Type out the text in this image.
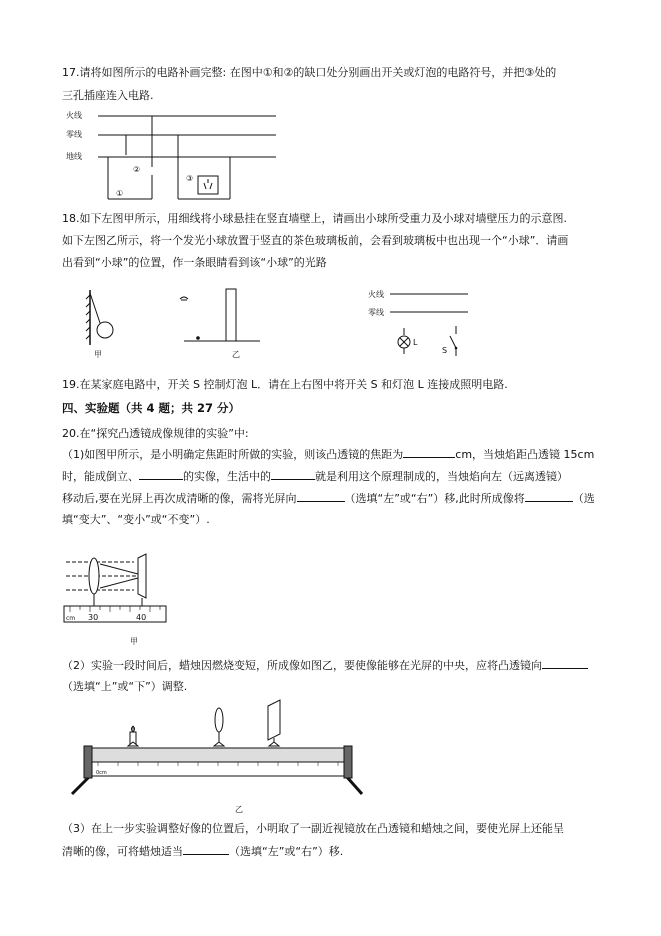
17.请将如图所示的电路补画完整: 在图中①和②的缺口处分别画出开关或灯泡的电路符号，并把③处的
三孔插座连入电路.
火线
零线
地线
②
①
③
18.如下左图甲所示，用细线将小球悬挂在竖直墙壁上，请画出小球所受重力及小球对墙壁压力的示意图.
如下左图乙所示，将一个发光小球放置于竖直的茶色玻璃板前，会看到玻璃板中也出现一个“小球”．请画
出看到“小球”的位置，作一条眼睛看到该“小球”的光路
甲	乙
火线
零线
L
S
19.在某家庭电路中，开关 S 控制灯泡 L．请在上右图中将开关 S 和灯泡 L 连接成照明电路.
四、实验题（共 4 题；共 27 分）
20.在“探究凸透镜成像规律的实验”中:
（1)如图甲所示，是小明确定焦距时所做的实验，则该凸透镜的焦距为	cm，当烛焰距凸透镜 15cm
时，能成倒立、	的实像，生活中的	就是利用这个原理制成的，当烛焰向左（远离透镜）
移动后,要在光屏上再次成清晰的像，需将光屏向	（选填“左”或“右”）移,此时所成像将	（选
填“变大”、“变小”或“不变”）.
cm 30	40
甲
（2）实验一段时间后，蜡烛因燃烧变短，所成像如图乙，要使像能够在光屏的中央，应将凸透镜向
（选填“上”或“下”）调整.
0cm
乙
（3）在上一步实验调整好像的位置后，小明取了一副近视镜放在凸透镜和蜡烛之间，要使光屏上还能呈
清晰的像，可将蜡烛适当	（选填“左”或“右”）移.
